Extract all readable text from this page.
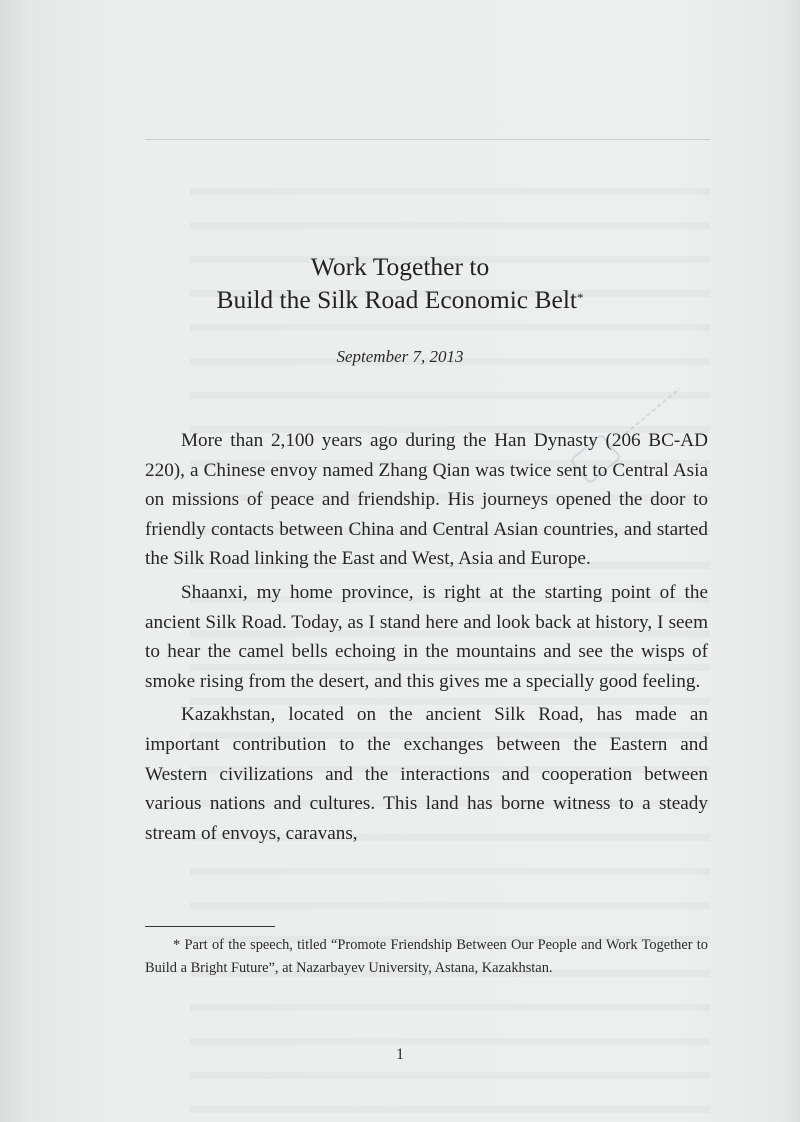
Work Together to
Build the Silk Road Economic Belt*
September 7, 2013

More than 2,100 years ago during the Han Dynasty (206 BC-AD 220), a Chinese envoy named Zhang Qian was twice sent to Central Asia on missions of peace and friendship. His journeys opened the door to friendly contacts between China and Central Asian countries, and started the Silk Road linking the East and West, Asia and Europe.

Shaanxi, my home province, is right at the starting point of the ancient Silk Road. Today, as I stand here and look back at history, I seem to hear the camel bells echoing in the mountains and see the wisps of smoke rising from the desert, and this gives me a specially good feeling.

Kazakhstan, located on the ancient Silk Road, has made an important contribution to the exchanges between the Eastern and Western civilizations and the interactions and cooperation between various nations and cultures. This land has borne witness to a steady stream of envoys, caravans,

* Part of the speech, titled “Promote Friendship Between Our People and Work Together to Build a Bright Future”, at Nazarbayev University, Astana, Kazakhstan.
1
